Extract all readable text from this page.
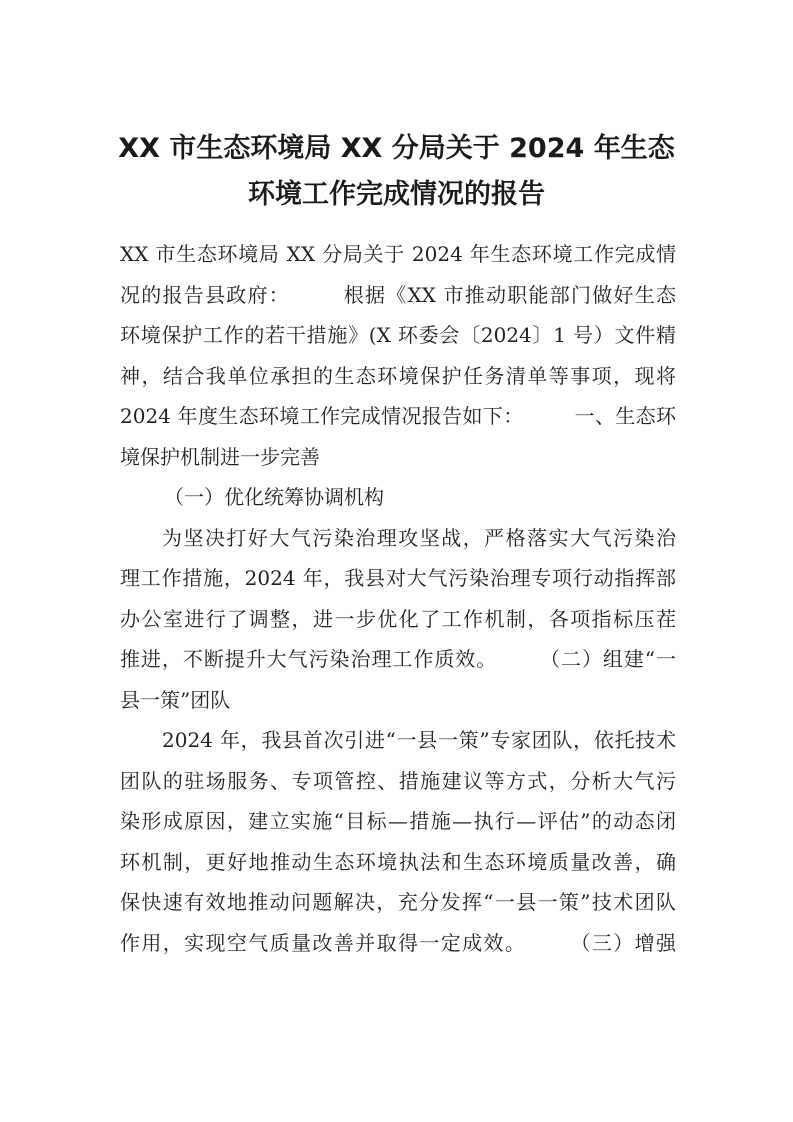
XX 市生态环境局 XX 分局关于 2024 年生态
环境工作完成情况的报告
XX 市生态环境局 XX 分局关于 2024 年生态环境工作完成情
况的报告县政府：　　　根据《XX 市推动职能部门做好生态
环境保护工作的若干措施》(X 环委会〔2024〕1 号）文件精
神，结合我单位承担的生态环境保护任务清单等事项，现将
2024 年度生态环境工作完成情况报告如下：　　　一、生态环
境保护机制进一步完善
（一）优化统筹协调机构
为坚决打好大气污染治理攻坚战，严格落实大气污染治
理工作措施，2024 年，我县对大气污染治理专项行动指挥部
办公室进行了调整，进一步优化了工作机制，各项指标压茬
推进，不断提升大气污染治理工作质效。　　　（二）组建“一
县一策”团队
2024 年，我县首次引进“一县一策”专家团队，依托技术
团队的驻场服务、专项管控、措施建议等方式，分析大气污
染形成原因，建立实施“目标—措施—执行—评估”的动态闭
环机制，更好地推动生态环境执法和生态环境质量改善，确
保快速有效地推动问题解决，充分发挥“一县一策”技术团队
作用，实现空气质量改善并取得一定成效。　　　（三）增强
